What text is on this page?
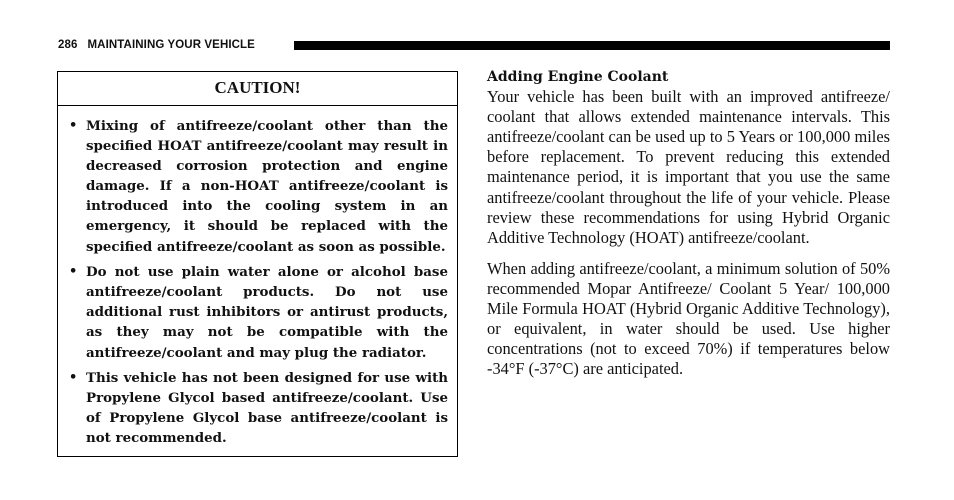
286 MAINTAINING YOUR VEHICLE
CAUTION!
• Mixing of antifreeze/coolant other than the specified HOAT antifreeze/coolant may result in decreased corrosion protection and engine damage. If a non-HOAT antifreeze/coolant is introduced into the cooling system in an emergency, it should be replaced with the specified antifreeze/coolant as soon as possible.
• Do not use plain water alone or alcohol base antifreeze/coolant products. Do not use additional rust inhibitors or antirust products, as they may not be compatible with the antifreeze/coolant and may plug the radiator.
• This vehicle has not been designed for use with Propylene Glycol based antifreeze/coolant. Use of Propylene Glycol base antifreeze/coolant is not recommended.
Adding Engine Coolant

Your vehicle has been built with an improved antifreeze/ coolant that allows extended maintenance intervals. This antifreeze/coolant can be used up to 5 Years or 100,000 miles before replacement. To prevent reducing this extended maintenance period, it is important that you use the same antifreeze/coolant throughout the life of your vehicle. Please review these recommendations for using Hybrid Organic Additive Technology (HOAT) antifreeze/coolant.

When adding antifreeze/coolant, a minimum solution of 50% recommended Mopar Antifreeze/ Coolant 5 Year/ 100,000 Mile Formula HOAT (Hybrid Organic Additive Technology), or equivalent, in water should be used. Use higher concentrations (not to exceed 70%) if temperatures below -34°F (-37°C) are anticipated.
